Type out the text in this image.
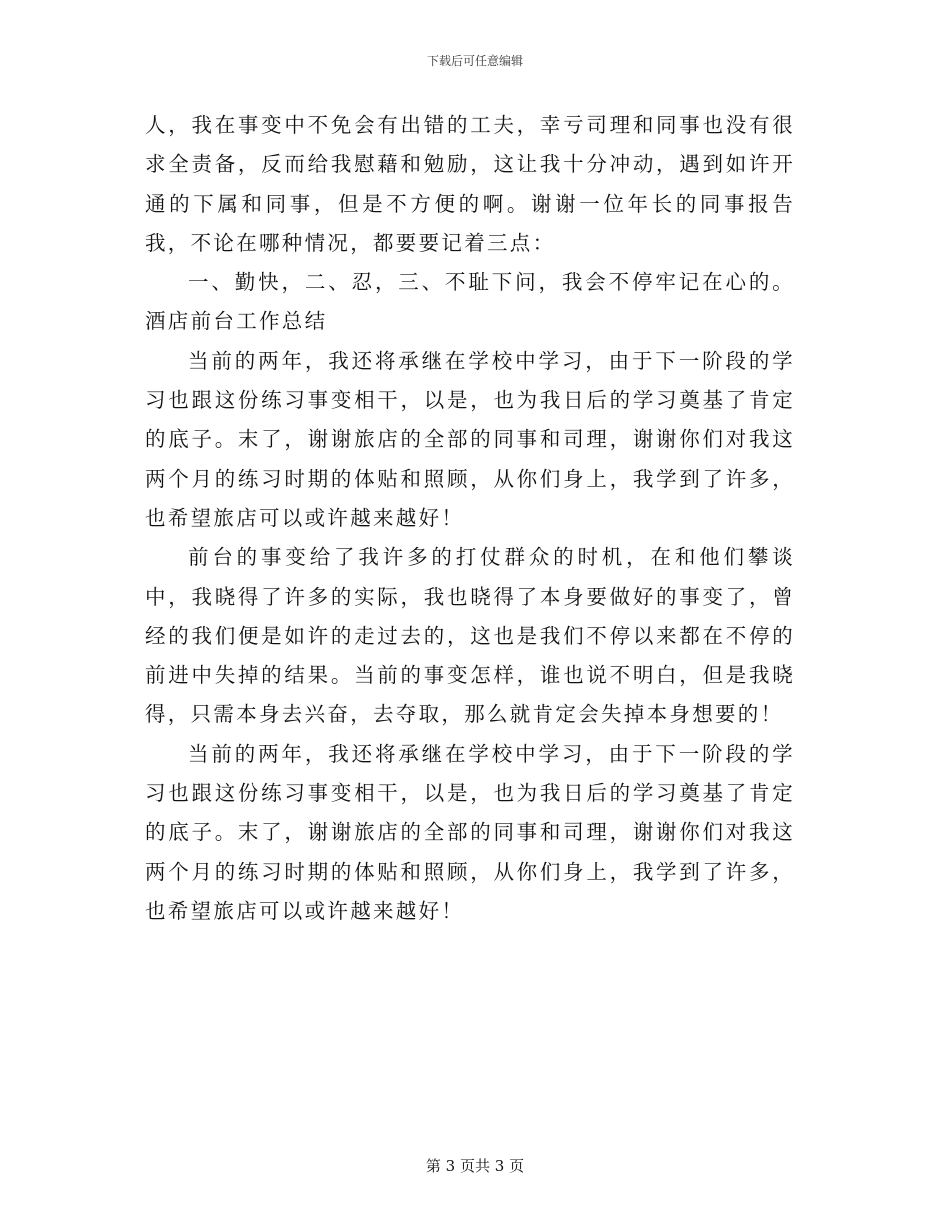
下载后可任意编辑

人，我在事变中不免会有出错的工夫，幸亏司理和同事也没有很求全责备，反而给我慰藉和勉励，这让我十分冲动，遇到如许开通的下属和同事，但是不方便的啊。谢谢一位年长的同事报告我，不论在哪种情况，都要要记着三点：

一、勤快，二、忍，三、不耻下问，我会不停牢记在心的。酒店前台工作总结

当前的两年，我还将承继在学校中学习，由于下一阶段的学习也跟这份练习事变相干，以是，也为我日后的学习奠基了肯定的底子。末了，谢谢旅店的全部的同事和司理，谢谢你们对我这两个月的练习时期的体贴和照顾，从你们身上，我学到了许多，也希望旅店可以或许越来越好！

前台的事变给了我许多的打仗群众的时机，在和他们攀谈中，我晓得了许多的实际，我也晓得了本身要做好的事变了，曾经的我们便是如许的走过去的，这也是我们不停以来都在不停的前进中失掉的结果。当前的事变怎样，谁也说不明白，但是我晓得，只需本身去兴奋，去夺取，那么就肯定会失掉本身想要的！

当前的两年，我还将承继在学校中学习，由于下一阶段的学习也跟这份练习事变相干，以是，也为我日后的学习奠基了肯定的底子。末了，谢谢旅店的全部的同事和司理，谢谢你们对我这两个月的练习时期的体贴和照顾，从你们身上，我学到了许多，也希望旅店可以或许越来越好！

第 3 页共 3 页
